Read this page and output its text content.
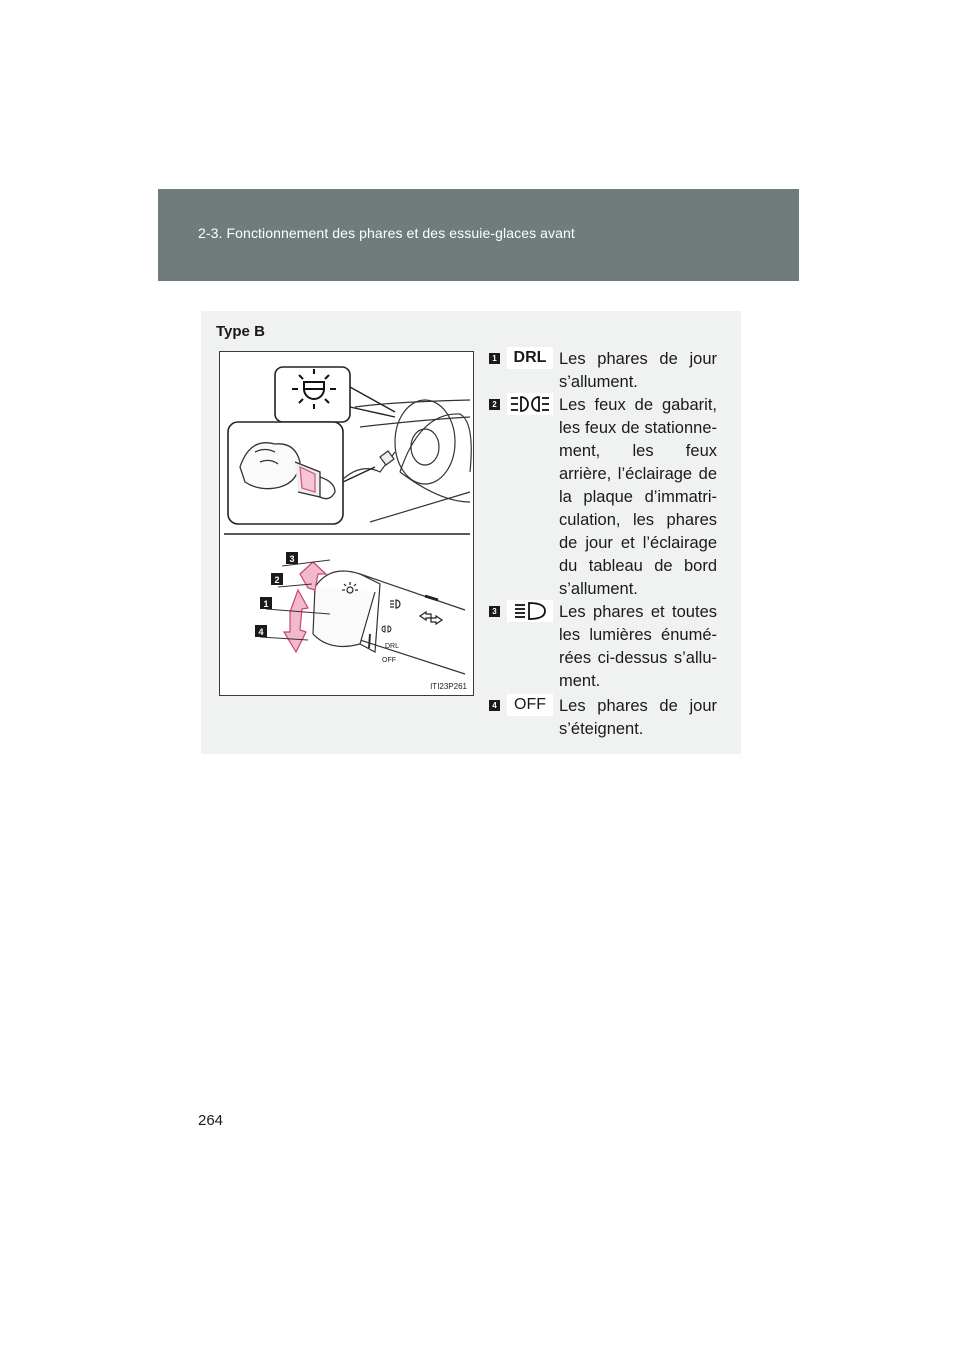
2-3. Fonctionnement des phares et des essuie-glaces avant
Type B
DRL
OFF
3
2
1
4
ITI23P261
1	DRL Les phares de jour s’allument.
2	Les feux de gabarit, les feux de stationne-ment, les feux arrière, l’éclairage de la plaque d’immatri-culation, les phares de jour et l’éclairage du tableau de bord s’allument.
3	Les phares et toutes les lumières énumé-rées ci-dessus s’allu-ment.
4	OFF Les phares de jour s’éteignent.
264
